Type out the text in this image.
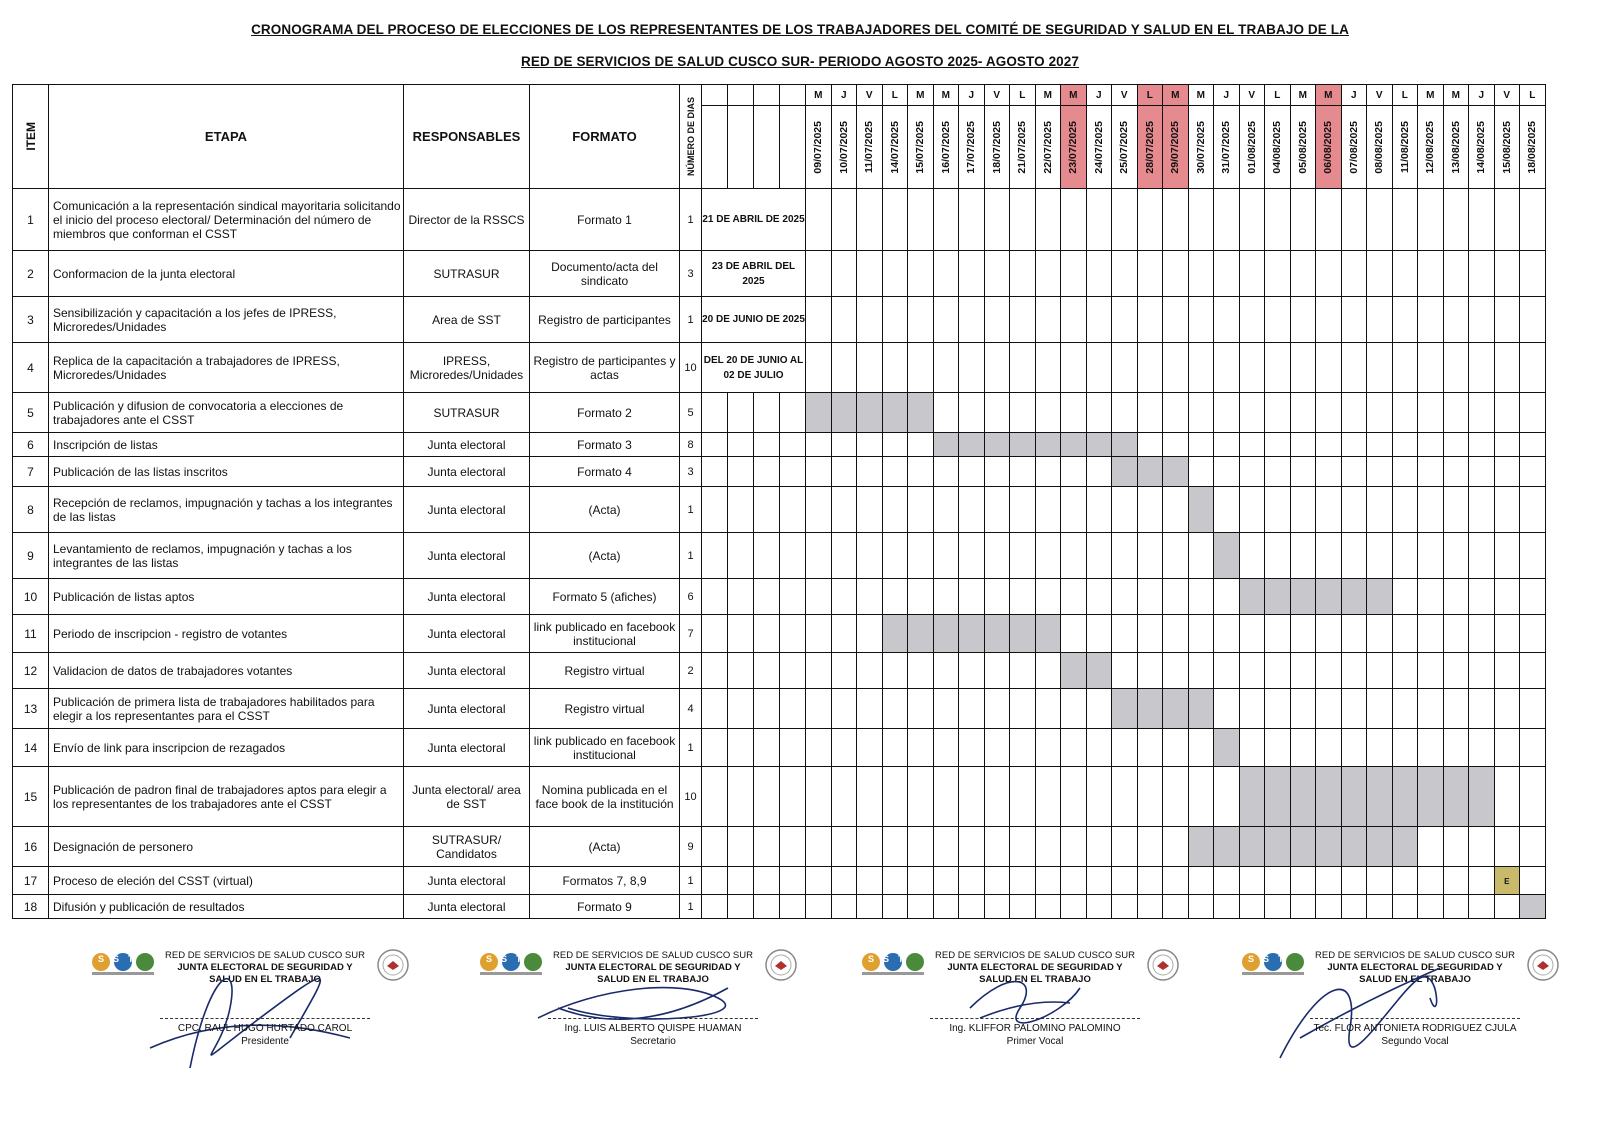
CRONOGRAMA DEL PROCESO DE ELECCIONES DE LOS REPRESENTANTES DE LOS TRABAJADORES DEL COMITÉ DE SEGURIDAD Y SALUD EN EL TRABAJO DE LA
RED DE SERVICIOS DE SALUD CUSCO SUR- PERIODO AGOSTO 2025- AGOSTO 2027
ITEM	ETAPA	RESPONSABLES	FORMATO	NÚMERO DE DIAS					M	J	V	L	M	M	J	V	L	M	M	J	V	L	M	M	J	V	L	M	M	J	V	L	M	M	J	V	L

									09/07/2025	10/07/2025	11/07/2025	14/07/2025	15/07/2025	16/07/2025	17/07/2025	18/07/2025	21/07/2025	22/07/2025	23/07/2025	24/07/2025	25/07/2025	28/07/2025	29/07/2025	30/07/2025	31/07/2025	01/08/2025	04/08/2025	05/08/2025	06/08/2025	07/08/2025	08/08/2025	11/08/2025	12/08/2025	13/08/2025	14/08/2025	15/08/2025	18/08/2025

1	Comunicación a la representación sindical mayoritaria solicitando el inicio del proceso electoral/ Determinación del número de miembros que conforman el CSST	Director de la RSSCS	Formato 1	1	21 DE ABRIL DE 2025																																
2	Conformacion de la junta electoral	SUTRASUR	Documento/acta del sindicato	3	23 DE ABRIL DEL 2025																																
3	Sensibilización y capacitación a los jefes de IPRESS, Microredes/Unidades	Area de SST	Registro de participantes	1	20 DE JUNIO DE 2025																																
4	Replica de la capacitación a trabajadores de IPRESS, Microredes/Unidades	IPRESS, Microredes/Unidades	Registro de participantes y actas	10	DEL 20 DE JUNIO AL 02 DE JULIO																																
5	Publicación y difusion de convocatoria a elecciones de trabajadores ante el CSST	SUTRASUR	Formato 2	5																																	
6	Inscripción de listas	Junta electoral	Formato 3	8																																	
7	Publicación de las listas inscritos	Junta electoral	Formato 4	3																																	
8	Recepción de reclamos, impugnación y tachas a los integrantes de las listas	Junta electoral	(Acta)	1																																	
9	Levantamiento de reclamos, impugnación y tachas a los integrantes de las listas	Junta electoral	(Acta)	1																																	
10	Publicación de listas aptos	Junta electoral	Formato 5 (afiches)	6																																	
11	Periodo de inscripcion - registro de votantes	Junta electoral	link publicado en facebook institucional	7																																	
12	Validacion de datos de trabajadores votantes	Junta electoral	Registro virtual	2																																	
13	Publicación de primera lista de trabajadores habilitados para elegir a los representantes para el CSST	Junta electoral	Registro virtual	4																																	
14	Envío de link para inscripcion de rezagados	Junta electoral	link publicado en facebook institucional	1																																	
15	Publicación de padron final de trabajadores aptos para elegir a los representantes de los trabajadores ante el CSST	Junta electoral/ area de SST	Nomina publicada en el face book de la institución	10																																	
16	Designación de personero	SUTRASUR/ Candidatos	(Acta)	9																																	
17	Proceso de eleción del CSST (virtual)	Junta electoral	Formatos 7, 8,9	1																																E	
18	Difusión y publicación de resultados	Junta electoral	Formato 9	1																																	
SST	RED DE SERVICIOS DE SALUD CUSCO SUR
JUNTA ELECTORAL DE SEGURIDAD Y
SALUD EN EL TRABAJO
CPC. RAUL HUGO HURTADO CAROL
Presidente
SST	RED DE SERVICIOS DE SALUD CUSCO SUR
JUNTA ELECTORAL DE SEGURIDAD Y
SALUD EN EL TRABAJO
Ing. LUIS ALBERTO QUISPE HUAMAN
Secretario
SST	RED DE SERVICIOS DE SALUD CUSCO SUR
JUNTA ELECTORAL DE SEGURIDAD Y
SALUD EN EL TRABAJO
Ing. KLIFFOR PALOMINO PALOMINO
Primer Vocal
SST	RED DE SERVICIOS DE SALUD CUSCO SUR
JUNTA ELECTORAL DE SEGURIDAD Y
SALUD EN EL TRABAJO
Tec. FLOR ANTONIETA RODRIGUEZ CJULA
Segundo Vocal
